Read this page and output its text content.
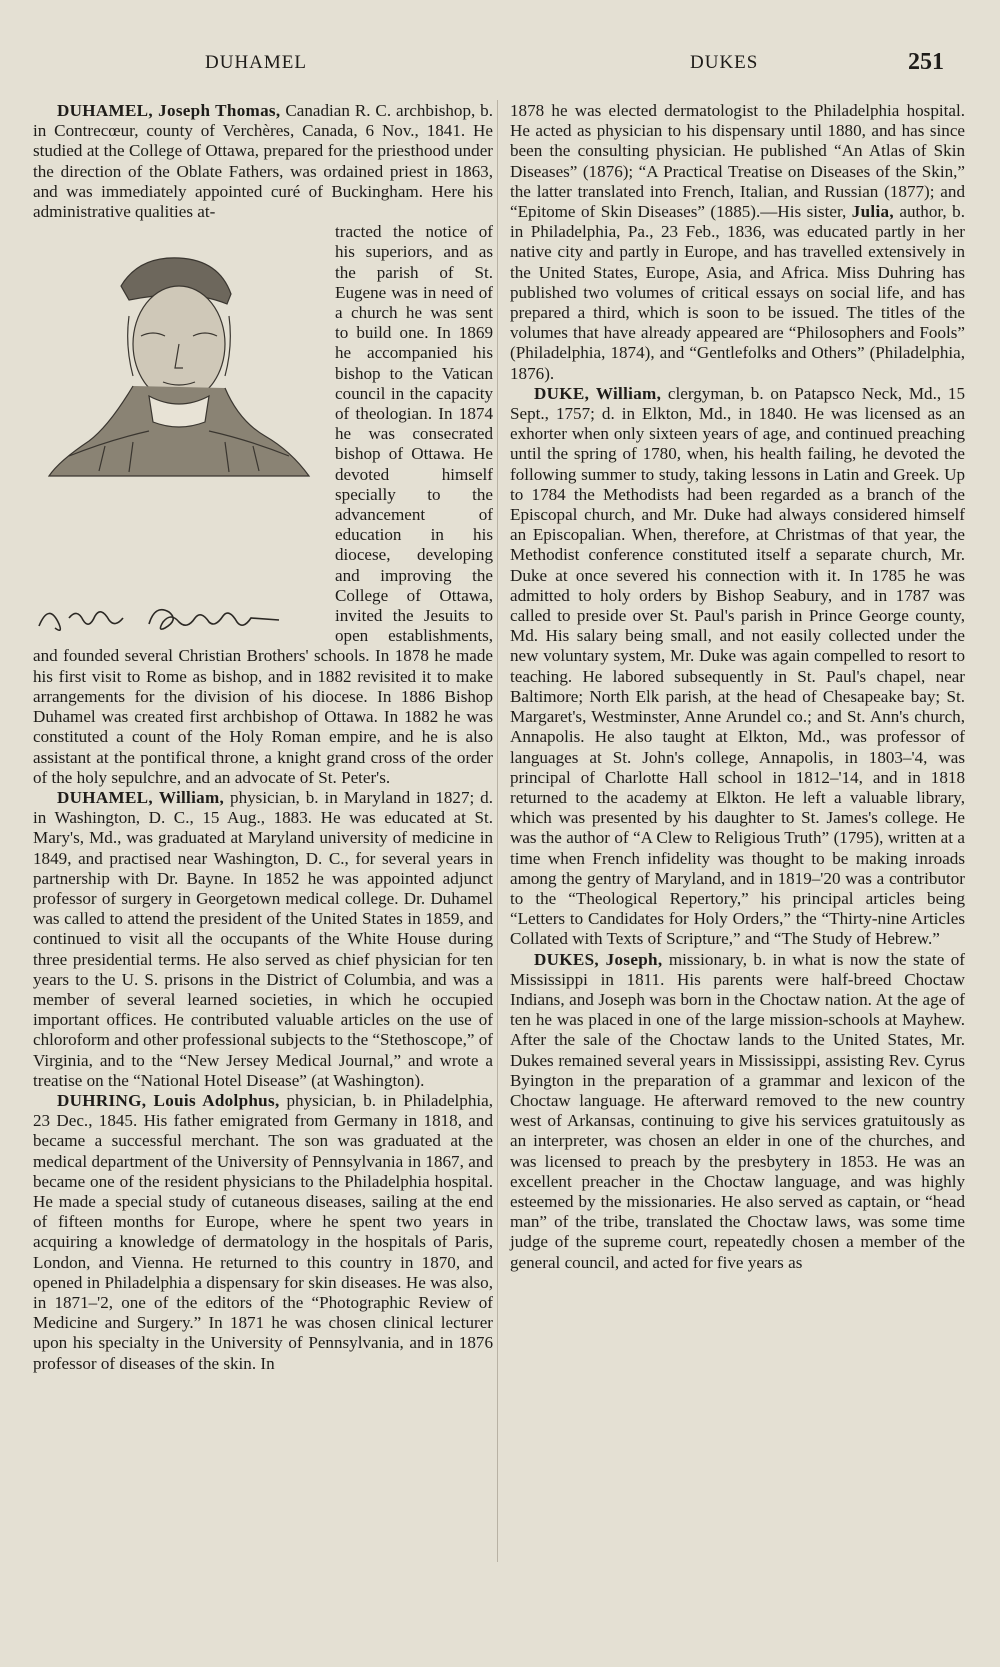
DUHAMEL	DUKES	251

DUHAMEL, Joseph Thomas, Canadian R. C. archbishop, b. in Contrecœur, county of Verchères, Canada, 6 Nov., 1841. He studied at the College of Ottawa, prepared for the priesthood under the direction of the Oblate Fathers, was ordained priest in 1863, and was immediately appointed curé of Buckingham. Here his administrative qualities at-

tracted the notice of his superiors, and as the parish of St. Eugene was in need of a church he was sent to build one. In 1869 he accompanied his bishop to the Vatican council in the capacity of theologian. In 1874 he was consecrated bishop of Ottawa. He devoted himself specially to the advancement of education in his diocese, developing and improving the College of Ottawa, invited the Jesuits to open establishments, and founded several Christian Brothers' schools. In 1878 he made his first visit to Rome as bishop, and in 1882 revisited it to make arrangements for the division of his diocese. In 1886 Bishop Duhamel was created first archbishop of Ottawa. In 1882 he was constituted a count of the Holy Roman empire, and he is also assistant at the pontifical throne, a knight grand cross of the order of the holy sepulchre, and an advocate of St. Peter's.

DUHAMEL, William, physician, b. in Maryland in 1827; d. in Washington, D. C., 15 Aug., 1883. He was educated at St. Mary's, Md., was graduated at Maryland university of medicine in 1849, and practised near Washington, D. C., for several years in partnership with Dr. Bayne. In 1852 he was appointed adjunct professor of surgery in Georgetown medical college. Dr. Duhamel was called to attend the president of the United States in 1859, and continued to visit all the occupants of the White House during three presidential terms. He also served as chief physician for ten years to the U. S. prisons in the District of Columbia, and was a member of several learned societies, in which he occupied important offices. He contributed valuable articles on the use of chloroform and other professional subjects to the “Stethoscope,” of Virginia, and to the “New Jersey Medical Journal,” and wrote a treatise on the “National Hotel Disease” (at Washington).

DUHRING, Louis Adolphus, physician, b. in Philadelphia, 23 Dec., 1845. His father emigrated from Germany in 1818, and became a successful merchant. The son was graduated at the medical department of the University of Pennsylvania in 1867, and became one of the resident physicians to the Philadelphia hospital. He made a special study of cutaneous diseases, sailing at the end of fifteen months for Europe, where he spent two years in acquiring a knowledge of dermatology in the hospitals of Paris, London, and Vienna. He returned to this country in 1870, and opened in Philadelphia a dispensary for skin diseases. He was also, in 1871–'2, one of the editors of the “Photographic Review of Medicine and Surgery.” In 1871 he was chosen clinical lecturer upon his specialty in the University of Pennsylvania, and in 1876 professor of diseases of the skin. In

1878 he was elected dermatologist to the Philadelphia hospital. He acted as physician to his dispensary until 1880, and has since been the consulting physician. He published “An Atlas of Skin Diseases” (1876); “A Practical Treatise on Diseases of the Skin,” the latter translated into French, Italian, and Russian (1877); and “Epitome of Skin Diseases” (1885).—His sister, Julia, author, b. in Philadelphia, Pa., 23 Feb., 1836, was educated partly in her native city and partly in Europe, and has travelled extensively in the United States, Europe, Asia, and Africa. Miss Duhring has published two volumes of critical essays on social life, and has prepared a third, which is soon to be issued. The titles of the volumes that have already appeared are “Philosophers and Fools” (Philadelphia, 1874), and “Gentlefolks and Others” (Philadelphia, 1876).

DUKE, William, clergyman, b. on Patapsco Neck, Md., 15 Sept., 1757; d. in Elkton, Md., in 1840. He was licensed as an exhorter when only sixteen years of age, and continued preaching until the spring of 1780, when, his health failing, he devoted the following summer to study, taking lessons in Latin and Greek. Up to 1784 the Methodists had been regarded as a branch of the Episcopal church, and Mr. Duke had always considered himself an Episcopalian. When, therefore, at Christmas of that year, the Methodist conference constituted itself a separate church, Mr. Duke at once severed his connection with it. In 1785 he was admitted to holy orders by Bishop Seabury, and in 1787 was called to preside over St. Paul's parish in Prince George county, Md. His salary being small, and not easily collected under the new voluntary system, Mr. Duke was again compelled to resort to teaching. He labored subsequently in St. Paul's chapel, near Baltimore; North Elk parish, at the head of Chesapeake bay; St. Margaret's, Westminster, Anne Arundel co.; and St. Ann's church, Annapolis. He also taught at Elkton, Md., was professor of languages at St. John's college, Annapolis, in 1803–'4, was principal of Charlotte Hall school in 1812–'14, and in 1818 returned to the academy at Elkton. He left a valuable library, which was presented by his daughter to St. James's college. He was the author of “A Clew to Religious Truth” (1795), written at a time when French infidelity was thought to be making inroads among the gentry of Maryland, and in 1819–'20 was a contributor to the “Theological Repertory,” his principal articles being “Letters to Candidates for Holy Orders,” the “Thirty-nine Articles Collated with Texts of Scripture,” and “The Study of Hebrew.”

DUKES, Joseph, missionary, b. in what is now the state of Mississippi in 1811. His parents were half-breed Choctaw Indians, and Joseph was born in the Choctaw nation. At the age of ten he was placed in one of the large mission-schools at Mayhew. After the sale of the Choctaw lands to the United States, Mr. Dukes remained several years in Mississippi, assisting Rev. Cyrus Byington in the preparation of a grammar and lexicon of the Choctaw language. He afterward removed to the new country west of Arkansas, continuing to give his services gratuitously as an interpreter, was chosen an elder in one of the churches, and was licensed to preach by the presbytery in 1853. He was an excellent preacher in the Choctaw language, and was highly esteemed by the missionaries. He also served as captain, or “head man” of the tribe, translated the Choctaw laws, was some time judge of the supreme court, repeatedly chosen a member of the general council, and acted for five years as
